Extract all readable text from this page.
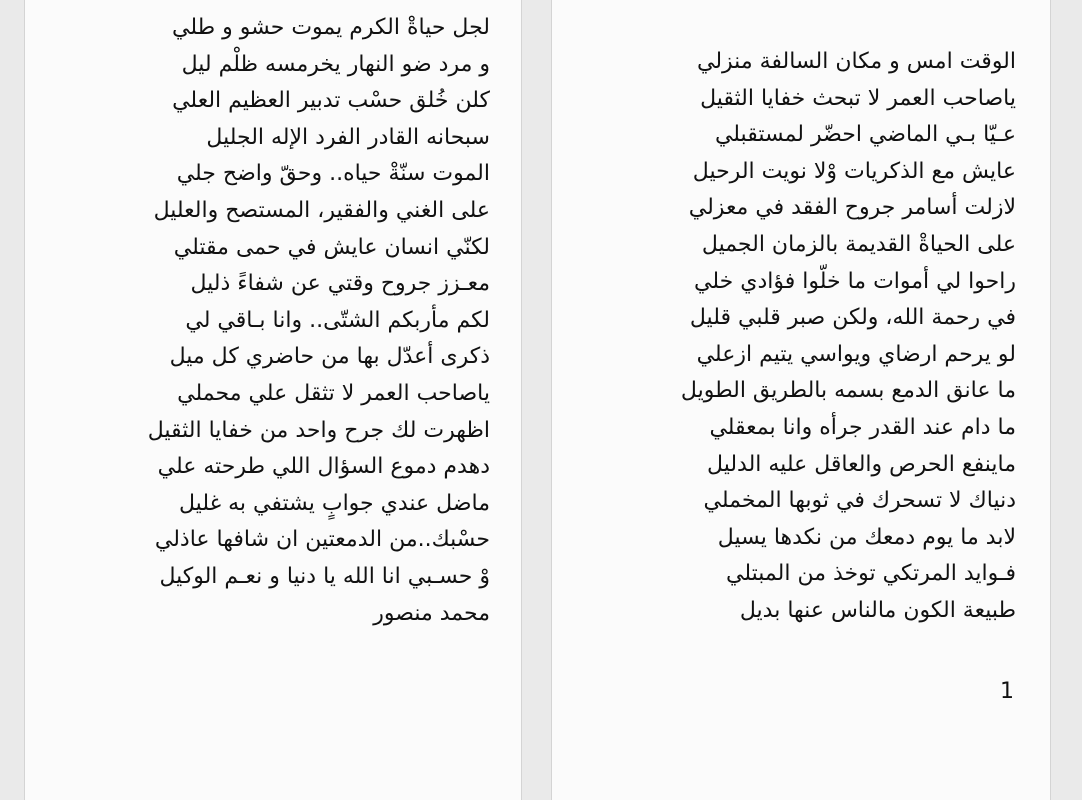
لجل حياةْ الكرم يموت حشو و طلي
و مرد ضو النهار يخرمسه ظلْم ليل
كلن خُلق حسْب تدبير العظيم العلي
سبحانه القادر الفرد الإله الجليل
الموت سنّةْ حياه.. وحقّ واضح جلي
على الغني والفقير، المستصح والعليل
لكنّي انسان عايش في حمى مقتلي
معـزز جروح وقتي عن شفاءً ذليل
لكم مأربكم الشتّى.. وانا بـاقي لي
ذكرى أعدّل بها من حاضري كل ميل
ياصاحب العمر لا تثقل علي محملي
اظهرت لك جرح واحد من خفايا الثقيل
دهدم دموع السؤال اللي طرحته علي
ماضل عندي جوابٍ يشتفي به غليل
حسْبك..من الدمعتين ان شافها عاذلي
وْ حسـبي انا الله يا دنيا و نعـم الوكيل
محمد منصور
الوقت امس و مكان السالفة منزلي
ياصاحب العمر لا تبحث خفايا الثقيل
عـيّا بـي الماضي احضّر لمستقبلي
عايش مع الذكريات وْلا نويت الرحيل
لازلت أسامر جروح الفقد في معزلي
على الحياةْ القديمة بالزمان الجميل
راحوا لي أموات ما خلّوا فؤادي خلي
في رحمة الله، ولكن صبر قلبي قليل
لو يرحم ارضاي ويواسي يتيم ازعلي
ما عانق الدمع بسمه بالطريق الطويل
ما دام عند القدر جرأه وانا بمعقلي
ماينفع الحرص والعاقل عليه الدليل
دنياك لا تسحرك في ثوبها المخملي
لابد ما يوم دمعك من نكدها يسيل
فـوايد المرتكي توخذ من المبتلي
طبيعة الكون مالناس عنها بديل
1
